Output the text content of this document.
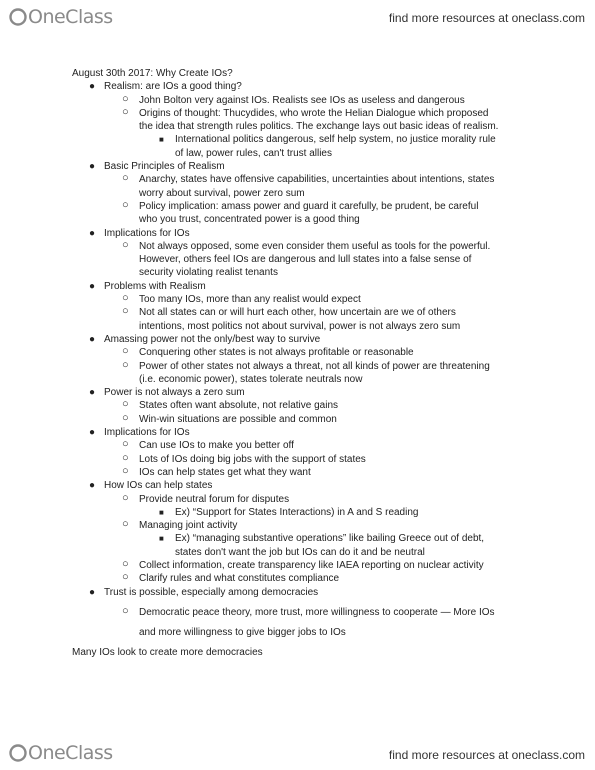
OneClass	find more resources at oneclass.com
August 30th 2017: Why Create IOs?
● Realism: are IOs a good thing?
○ John Bolton very against IOs. Realists see IOs as useless and dangerous
○ Origins of thought: Thucydides, who wrote the Helian Dialogue which proposed
the idea that strength rules politics. The exchange lays out basic ideas of realism.
■ International politics dangerous, self help system, no justice morality rule
of law, power rules, can't trust allies
● Basic Principles of Realism
○ Anarchy, states have offensive capabilities, uncertainties about intentions, states
worry about survival, power zero sum
○ Policy implication: amass power and guard it carefully, be prudent, be careful
who you trust, concentrated power is a good thing
● Implications for IOs
○ Not always opposed, some even consider them useful as tools for the powerful.
However, others feel IOs are dangerous and lull states into a false sense of
security violating realist tenants
● Problems with Realism
○ Too many IOs, more than any realist would expect
○ Not all states can or will hurt each other, how uncertain are we of others
intentions, most politics not about survival, power is not always zero sum
● Amassing power not the only/best way to survive
○ Conquering other states is not always profitable or reasonable
○ Power of other states not always a threat, not all kinds of power are threatening
(i.e. economic power), states tolerate neutrals now
● Power is not always a zero sum
○ States often want absolute, not relative gains
○ Win-win situations are possible and common
● Implications for IOs
○ Can use IOs to make you better off
○ Lots of IOs doing big jobs with the support of states
○ IOs can help states get what they want
● How IOs can help states
○ Provide neutral forum for disputes
■ Ex) “Support for States Interactions) in A and S reading
○ Managing joint activity
■ Ex) “managing substantive operations” like bailing Greece out of debt,
states don't want the job but IOs can do it and be neutral
○ Collect information, create transparency like IAEA reporting on nuclear activity
○ Clarify rules and what constitutes compliance
● Trust is possible, especially among democracies
○ Democratic peace theory, more trust, more willingness to cooperate — More IOs
and more willingness to give bigger jobs to IOs
Many IOs look to create more democracies
OneClass	find more resources at oneclass.com
